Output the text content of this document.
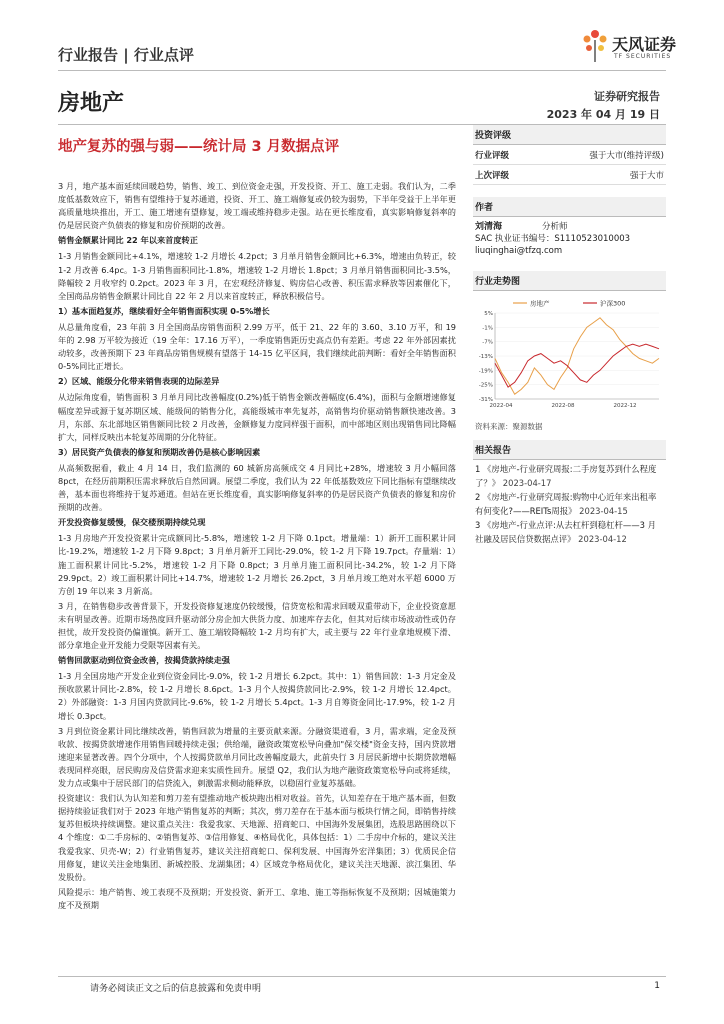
行业报告 | 行业点评
天风证券
TF SECURITIES
房地产	证券研究报告
2023 年 04 月 19 日
地产复苏的强与弱——统计局 3 月数据点评

3 月，地产基本面延续回暖趋势，销售、竣工、到位资金走强，开发投资、开工、施工走弱。我们认为，二季度低基数效应下，销售有望维持于复苏通道，投资、开工、施工端修复或仍较为弱势，下半年受益于上半年更高质量地块推出，开工、施工增速有望修复，竣工端或维持稳步走强。站在更长维度看，真实影响修复斜率的仍是居民资产负债表的修复和房价预期的改善。

销售金额累计同比 22 年以来首度转正

1-3 月销售金额同比+4.1%，增速较 1-2 月增长 4.2pct；3 月单月销售金额同比+6.3%，增速由负转正，较 1-2 月改善 6.4pc。1-3 月销售面积同比-1.8%，增速较 1-2 月增长 1.8pct；3 月单月销售面积同比-3.5%，降幅较 2 月收窄约 0.2pct。2023 年 3 月，在宏观经济修复、购房信心改善、积压需求释放等因素催化下，全国商品房销售金额累计同比自 22 年 2 月以来首度转正，释放积极信号。

1）基本面趋复苏，继续看好全年销售面积实现 0-5%增长

从总量角度看，23 年前 3 月全国商品房销售面积 2.99 万平，低于 21、22 年的 3.60、3.10 万平，和 19 年的 2.98 万平较为接近（19 全年：17.16 万平），一季度销售距历史高点仍有差距。考虑 22 年外部因素扰动较多，改善预期下 23 年商品房销售规模有望落于 14-15 亿平区间，我们继续此前判断：看好全年销售面积 0-5%同比正增长。

2）区域、能级分化带来销售表现的边际差异

从边际角度看，销售面积 3 月单月同比改善幅度(0.2%)低于销售金额改善幅度(6.4%)，面积与金额增速修复幅度差异或源于复苏期区域、能级间的销售分化，高能级城市率先复苏，高销售均价驱动销售额快速改善。3 月，东部、东北部地区销售额同比较 2 月改善，金额修复力度同样强于面积，而中部地区则出现销售同比降幅扩大，同样反映出本轮复苏周期的分化特征。

3）居民资产负债表的修复和预期改善仍是核心影响因素

从高频数据看，截止 4 月 14 日，我们监测的 60 城新房高频成交 4 月同比+28%，增速较 3 月小幅回落 8pct，在经历前期积压需求释放后自然回调。展望二季度，我们认为 22 年低基数效应下同比指标有望继续改善，基本面也将维持于复苏通道。但站在更长维度看，真实影响修复斜率的仍是居民资产负债表的修复和房价预期的改善。

开发投资修复缓慢，保交楼预期持续兑现

1-3 月房地产开发投资累计完成额同比-5.8%，增速较 1-2 月下降 0.1pct。增量端：1）新开工面积累计同比-19.2%，增速较 1-2 月下降 9.8pct；3 月单月新开工同比-29.0%，较 1-2 月下降 19.7pct。存量端：1）施工面积累计同比-5.2%，增速较 1-2 月下降 0.8pct；3 月单月施工面积同比-34.2%，较 1-2 月下降 29.9pct。2）竣工面积累计同比+14.7%，增速较 1-2 月增长 26.2pct，3 月单月竣工绝对水平超 6000 万方创 19 年以来 3 月新高。

3 月，在销售稳步改善背景下，开发投资修复速度仍较缓慢，信贷宽松和需求回暖双重带动下，企业投资意愿未有明显改善。近期市场热度回升驱动部分房企加大供货力度、加速库存去化，但其对后续市场波动性或仍存担忧，故开发投资仍偏谨慎。新开工、施工端较降幅较 1-2 月均有扩大，或主要与 22 年行业拿地规模下滑、部分拿地企业开发能力受限等因素有关。

销售回款驱动到位资金改善，按揭贷款持续走强

1-3 月全国房地产开发企业到位资金同比-9.0%，较 1-2 月增长 6.2pct。其中：1）销售回款：1-3 月定金及预收款累计同比-2.8%，较 1-2 月增长 8.6pct。1-3 月个人按揭贷款同比-2.9%，较 1-2 月增长 12.4pct。2）外部融资：1-3 月国内贷款同比-9.6%，较 1-2 月增长 5.4pct。1-3 月自筹资金同比-17.9%，较 1-2 月增长 0.3pct。

3 月到位资金累计同比继续改善，销售回款为增量的主要贡献来源。分融资渠道看，3 月，需求端，定金及预收款、按揭贷款增速作用销售回暖持续走强；供给端，融资政策宽松导向叠加"保交楼"资金支持，国内贷款增速迎来显著改善。四个分项中，个人按揭贷款单月同比改善幅度最大，此前央行 3 月居民新增中长期贷款增幅表现同样亮眼，居民购房及信贷需求迎来实质性回升。展望 Q2，我们认为地产融资政策宽松导向或将延续，发力点或集中于居民部门的信贷流入，刺激需求侧动能释放，以稳固行业复苏基础。

投资建议：我们认为认知差和剪刀差有望推动地产板块跑出相对收益。首先，认知差存在于地产基本面，但数据持续验证我们对于 2023 年地产销售复苏的判断；其次，剪刀差存在于基本面与板块行情之间，即销售持续复苏但板块持续调整。建议重点关注：我爱我家、天地源、招商蛇口、中国海外发展集团，选股思路围绕以下 4 个维度：①二手房标的、②销售复苏、③信用修复、④格局优化，具体包括：1）二手房中介标的，建议关注我爱我家、贝壳-W；2）行业销售复苏，建议关注招商蛇口、保利发展、中国海外宏洋集团；3）优质民企信用修复，建议关注金地集团、新城控股、龙湖集团；4）区域竞争格局优化，建议关注天地源、滨江集团、华发股份。

风险提示：地产销售、竣工表现不及预期；开发投资、新开工、拿地、施工等指标恢复不及预期；因城施策力度不及预期

投资评级
行业评级	强于大市(维持评级)
上次评级	强于大市
作者
刘清海	分析师
SAC 执业证书编号：S1110523010003
liuqinghai@tfzq.com
行业走势图
5%
-1%
-7%
-13%
-19%
-25%
-31%
2022-04	2022-08	2022-12
房地产	沪深300
资料来源：聚源数据
相关报告
1 《房地产-行业研究周报:二手房复苏到什么程度了？》 2023-04-17
2 《房地产-行业研究周报:购物中心近年来出租率有何变化?——REITs周报》 2023-04-15
3 《房地产-行业点评:从去杠杆到稳杠杆——3 月社融及居民信贷数据点评》 2023-04-12
请务必阅读正文之后的信息披露和免责申明	1
